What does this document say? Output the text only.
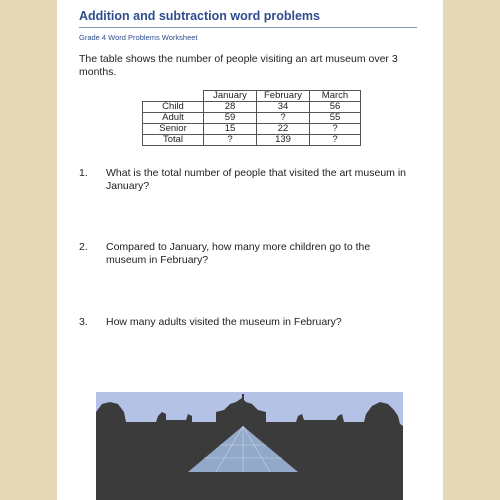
Addition and subtraction word problems
Grade 4 Word Problems Worksheet
The table shows the number of people visiting an art museum over 3 months.
	January	February	March
Child	28	34	56
Adult	59	?	55
Senior	15	22	?
Total	?	139	?
1.	What is the total number of people that visited the art museum in January?
2.	Compared to January, how many more children go to the museum in February?
3.	How many adults visited the museum in February?
